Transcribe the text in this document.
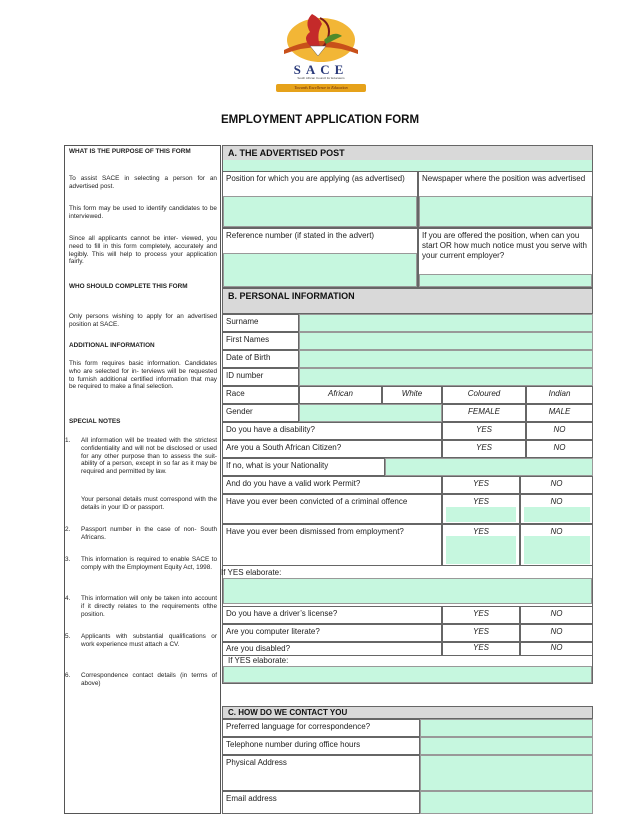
SACE
South African Council for Educators
Towards Excellence in Education
EMPLOYMENT APPLICATION FORM
WHAT IS THE PURPOSE OF THIS FORM
To assist SACE in selecting a person for an advertised post.
This form may be used to identify candidates to be interviewed.
Since all applicants cannot be inter- viewed, you need to fill in this form completely, accurately and legibly. This will help to process your application fairly.
WHO SHOULD COMPLETE THIS FORM
Only persons wishing to apply for an advertised position at SACE.
ADDITIONAL INFORMATION
This form requires basic information. Candidates who are selected for in- terviews will be requested to furnish additional certified information that may be required to make a final selection.
SPECIAL NOTES
1. All information will be treated with the strictest confidentiality and will not be disclosed or used for any other purpose than to assess the suit- ability of a person, except in so far as it may be required and permitted by law.
Your personal details must correspond with the details in your ID or passport.
2. Passport number in the case of non- South Africans.
3. This information is required to enable SACE to comply with the Employment Equity Act, 1998.
4. This information will only be taken into account if it directly relates to the requirements ofthe position.
5. Applicants with substantial qualifications or work experience must attach a CV.
6. Correspondence contact details (in terms of above)
A. THE ADVERTISED POST
Position for which you are applying (as advertised)	Newspaper where the position was advertised
Reference number (if stated in the advert)	If you are offered the position, when can you start OR how much notice must you serve with your current employer?
B. PERSONAL INFORMATION
Surname
First Names
Date of Birth
ID number
Race	African	White	Coloured	Indian
Gender	FEMALE	MALE
Do you have a disability?	YES	NO
Are you a South African Citizen?	YES	NO
If no, what is your Nationality
And do you have a valid work Permit?	YES	NO
Have you ever been convicted of a criminal offence	YES	NO
Have you ever been dismissed from employment?	YES	NO
If YES elaborate:
Do you have a driver’s license?	YES	NO
Are you computer literate?	YES	NO
Are you disabled?	YES	NO
If YES elaborate:
C. HOW DO WE CONTACT YOU
Preferred language for correspondence?
Telephone number during office hours
Physical Address
Email address
